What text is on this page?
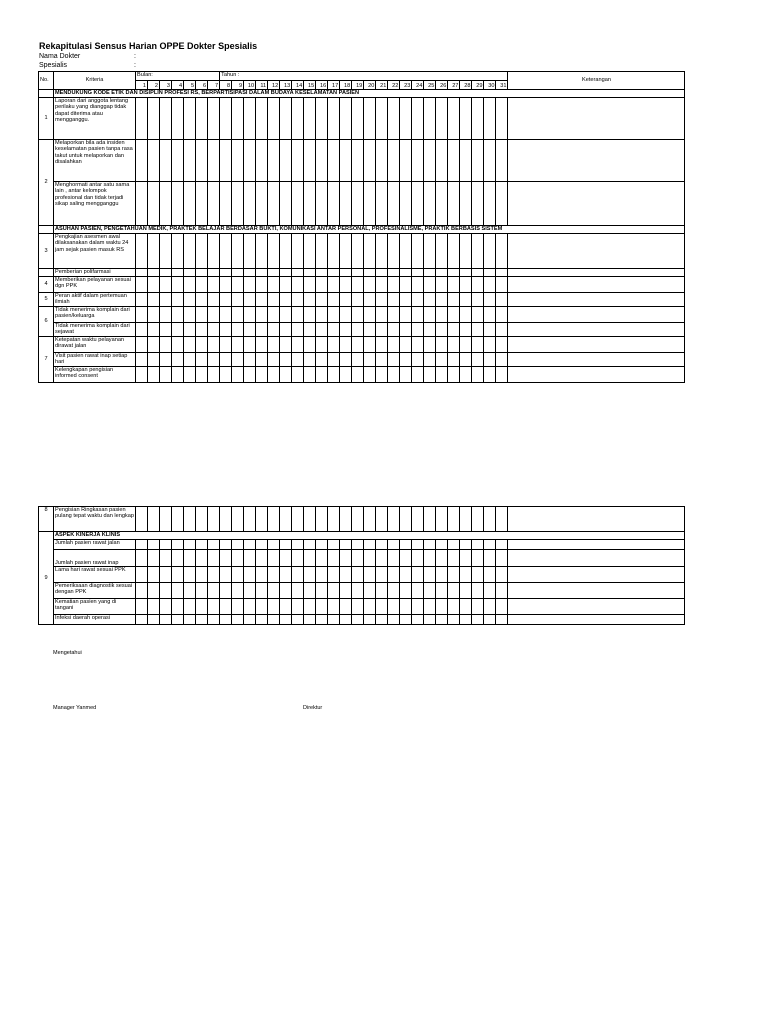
Rekapitulasi Sensus Harian OPPE Dokter Spesialis
Nama Dokter	:
Spesialis	:
No.	Kriteria	Bulan:							Tahun :																								Keterangan
		1	2	3	4	5	6	7	8	9	10	11	12	13	14	15	16	17	18	19	20	21	22	23	24	25	26	27	28	29	30	31	
	MENDUKUNG KODE ETIK DAN DISIPLIN PROFESI RS, BERPARTISIPASI DALAM BUDAYA KESELAMATAN PASIEN																																
1	Laporan dari anggota lentang perilaku yang dianggap tidak dapat diterima atau mengganggu.																																
2	Melaporkan bila ada insiden keselamatan pasien tanpa rasa takut untuk melaporkan dan disalahkan																																
	Menghormati antar satu sama lain , antar kelompok profesional dan tidak terjadi sikap saling mengganggu																																
	ASUHAN PASIEN, PENGETAHUAN MEDIK, PRAKTEK BELAJAR BERDASAR BUKTI, KOMUNIKASI ANTAR PERSONAL, PROFESINALISME, PRAKTIK BERBASIS SISTEM																																
3	Pengkajian asesmen awal dilaksanakan dalam waktu 24 jam sejak pasien masuk RS																																
	Pemberian polifarmasi																																
4	Memberikan pelayanan sesuai dgn PPK																																
5	Peran aktif dalam pertemuan ilmiah																																
6	Tidak menerima komplain dari pasien/keluarga																																
	Tidak menerima komplain dari sejawat																																
7	Ketepatan waktu pelayanan dirawat jalan																																
	Visit pasien rawat inap setiap hari																																
	Kelengkapan pengisian informed consent																																
8	Pengisian Ringkasan pasien pulang tepat waktu dan lengkap																																
9	ASPEK KINERJA KLINIS																																
	Jumlah pasien rawat jalan																																
	Jumlah pasien rawat inap																																
	Lama hari rawat sesuai PPK																																
	Pemeriksaan diagnostik sesuai dengan PPK																																
	Kematian pasien yang di tangani																																
	Infeksi daerah operasi																																
Mengetahui
Manager Yanmed	Direktur
